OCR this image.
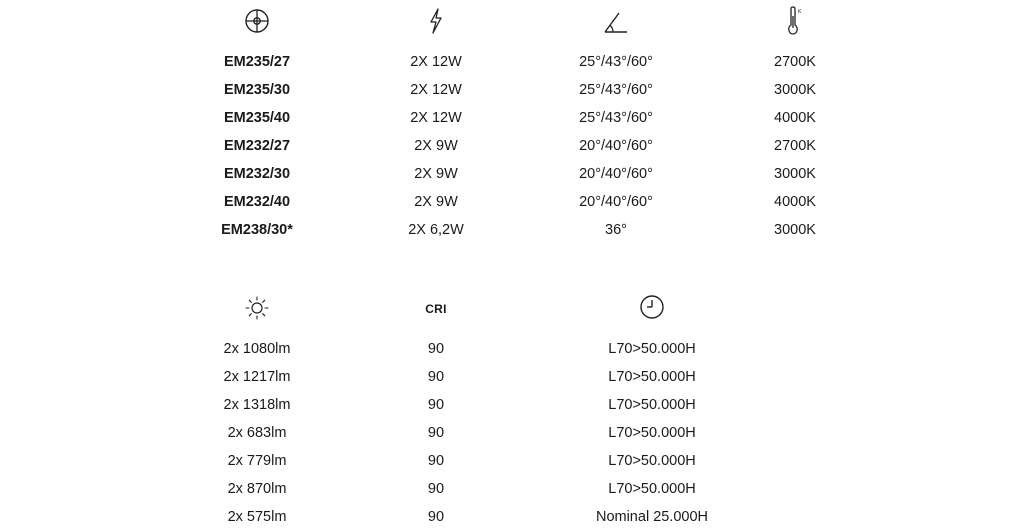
K
EM235/27	2X 12W	25°/43°/60°	2700K
EM235/30	2X 12W	25°/43°/60°	3000K
EM235/40	2X 12W	25°/43°/60°	4000K
EM232/27	2X 9W	20°/40°/60°	2700K
EM232/30	2X 9W	20°/40°/60°	3000K
EM232/40	2X 9W	20°/40°/60°	4000K
EM238/30*	2X 6,2W	36°	3000K
CRI
2x 1080lm	90	L70>50.000H
2x 1217lm	90	L70>50.000H
2x 1318lm	90	L70>50.000H
2x 683lm	90	L70>50.000H
2x 779lm	90	L70>50.000H
2x 870lm	90	L70>50.000H
2x 575lm	90	Nominal 25.000H
